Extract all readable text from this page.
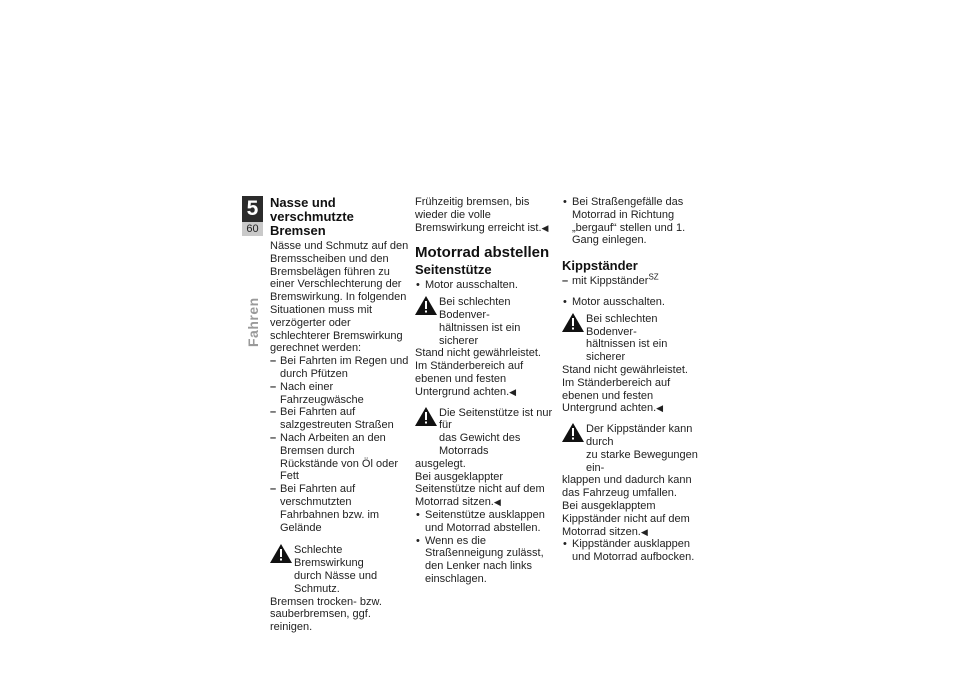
5
60
Fahren
Nasse und verschmutzte Bremsen

Nässe und Schmutz auf den Bremsscheiben und den Bremsbelägen führen zu einer Verschlechterung der Bremswirkung. In folgenden Situationen muss mit verzögerter oder schlechterer Bremswirkung gerechnet werden:

– Bei Fahrten im Regen und durch Pfützen
– Nach einer Fahrzeugwäsche
– Bei Fahrten auf salzgestreuten Straßen
– Nach Arbeiten an den Bremsen durch Rückstände von Öl oder Fett
– Bei Fahrten auf verschmutzten Fahrbahnen bzw. im Gelände
Schlechte Bremswirkung
durch Nässe und Schmutz.

Bremsen trocken- bzw. sauberbremsen, ggf. reinigen.

Frühzeitig bremsen, bis wieder die volle Bremswirkung erreicht ist.◀

Motorrad abstellen
Seitenstütze
• Motor ausschalten.
Bei schlechten Bodenver-
hältnissen ist ein sicherer

Stand nicht gewährleistet.

Im Ständerbereich auf ebenen und festen Untergrund achten.◀

Die Seitenstütze ist nur für
das Gewicht des Motorrads

ausgelegt.

Bei ausgeklappter Seitenstütze nicht auf dem Motorrad sitzen.◀

• Seitenstütze ausklappen und Motorrad abstellen.
• Wenn es die Straßenneigung zulässt, den Lenker nach links einschlagen.
• Bei Straßengefälle das Motorrad in Richtung „bergauf“ stellen und 1. Gang einlegen.
Kippständer
– mit Kippständer$^{SZ}$
• Motor ausschalten.
Bei schlechten Bodenver-
hältnissen ist ein sicherer

Stand nicht gewährleistet.

Im Ständerbereich auf ebenen und festen Untergrund achten.◀

Der Kippständer kann durch
zu starke Bewegungen ein-

klappen und dadurch kann das Fahrzeug umfallen.

Bei ausgeklapptem Kippständer nicht auf dem Motorrad sitzen.◀

• Kippständer ausklappen und Motorrad aufbocken.
